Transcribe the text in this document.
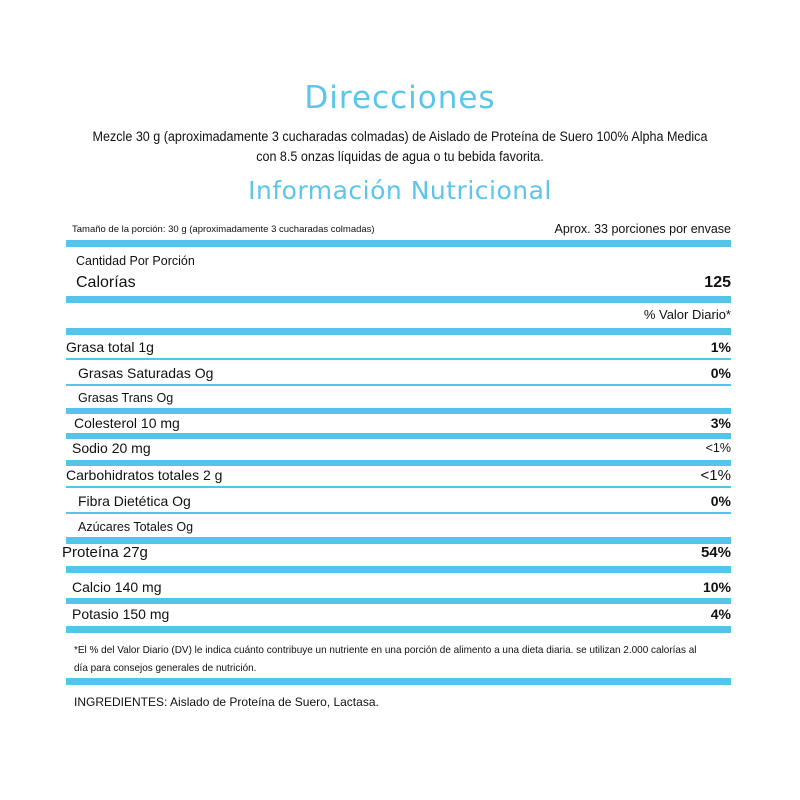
Direcciones
Mezcle 30 g (aproximadamente 3 cucharadas colmadas) de Aislado de Proteína de Suero 100% Alpha Medica con 8.5 onzas líquidas de agua o tu bebida favorita.
Información Nutricional
Tamaño de la porción: 30 g (aproximadamente 3 cucharadas colmadas)	Aprox. 33 porciones por envase
Cantidad Por Porción
Calorías	125
% Valor Diario*
Grasa total 1g	1%
Grasas Saturadas Og	0%
Grasas Trans Og
Colesterol 10 mg	3%
Sodio 20 mg	<1%
Carbohidratos totales 2 g	<1%
Fibra Dietética Og	0%
Azúcares Totales Og
Proteína 27g	54%
Calcio 140 mg	10%
Potasio 150 mg	4%
*El % del Valor Diario (DV) le indica cuánto contribuye un nutriente en una porción de alimento a una dieta diaria. se utilizan 2.000 calorías al día para consejos generales de nutrición.
INGREDIENTES: Aislado de Proteína de Suero, Lactasa.
